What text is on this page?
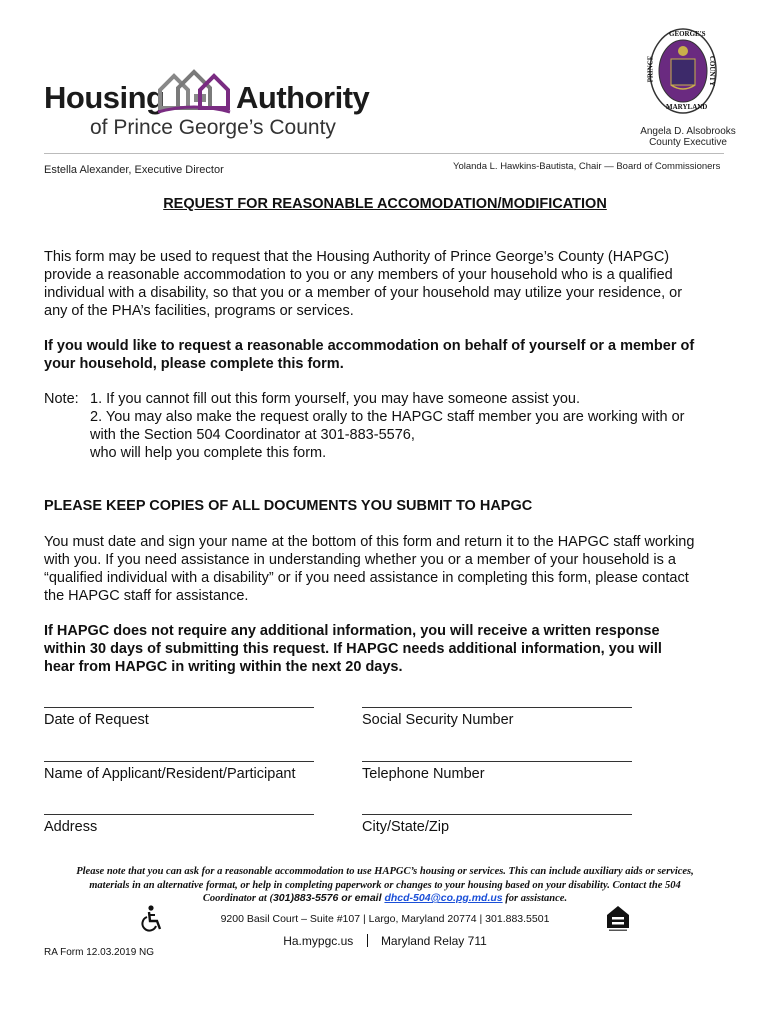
Housing Authority
of Prince George’s County
GEORGE'S
PRINCE	COUNTY
MARYLAND
Angela D. Alsobrooks
County Executive
Estella Alexander, Executive Director	Yolanda L. Hawkins-Bautista, Chair — Board of Commissioners
REQUEST FOR REASONABLE ACCOMODATION/MODIFICATION
This form may be used to request that the Housing Authority of Prince George’s County (HAPGC)
provide a reasonable accommodation to you or any members of your household who is a qualified
individual with a disability, so that you or a member of your household may utilize your residence, or
any of the PHA’s facilities, programs or services.
If you would like to request a reasonable accommodation on behalf of yourself or a member of
your household, please complete this form.
Note: 1. If you cannot fill out this form yourself, you may have someone assist you.
2. You may also make the request orally to the HAPGC staff member you are working with or
with the Section 504 Coordinator at 301-883-5576,
who will help you complete this form.
PLEASE KEEP COPIES OF ALL DOCUMENTS YOU SUBMIT TO HAPGC
You must date and sign your name at the bottom of this form and return it to the HAPGC staff working
with you. If you need assistance in understanding whether you or a member of your household is a
“qualified individual with a disability” or if you need assistance in completing this form, please contact
the HAPGC staff for assistance.
If HAPGC does not require any additional information, you will receive a written response
within 30 days of submitting this request. If HAPGC needs additional information, you will
hear from HAPGC in writing within the next 20 days.
Date of Request	Social Security Number
Name of Applicant/Resident/Participant	Telephone Number
Address	City/State/Zip
Please note that you can ask for a reasonable accommodation to use HAPGC’s housing or services. This can include auxiliary aids or services,
materials in an alternative format, or help in completing paperwork or changes to your housing based on your disability. Contact the 504
Coordinator at (301)883-5576 or email dhcd-504@co.pg.md.us for assistance.
9200 Basil Court – Suite #107 | Largo, Maryland 20774 | 301.883.5501
Ha.mypgc.us Maryland Relay 711
RA Form 12.03.2019 NG
